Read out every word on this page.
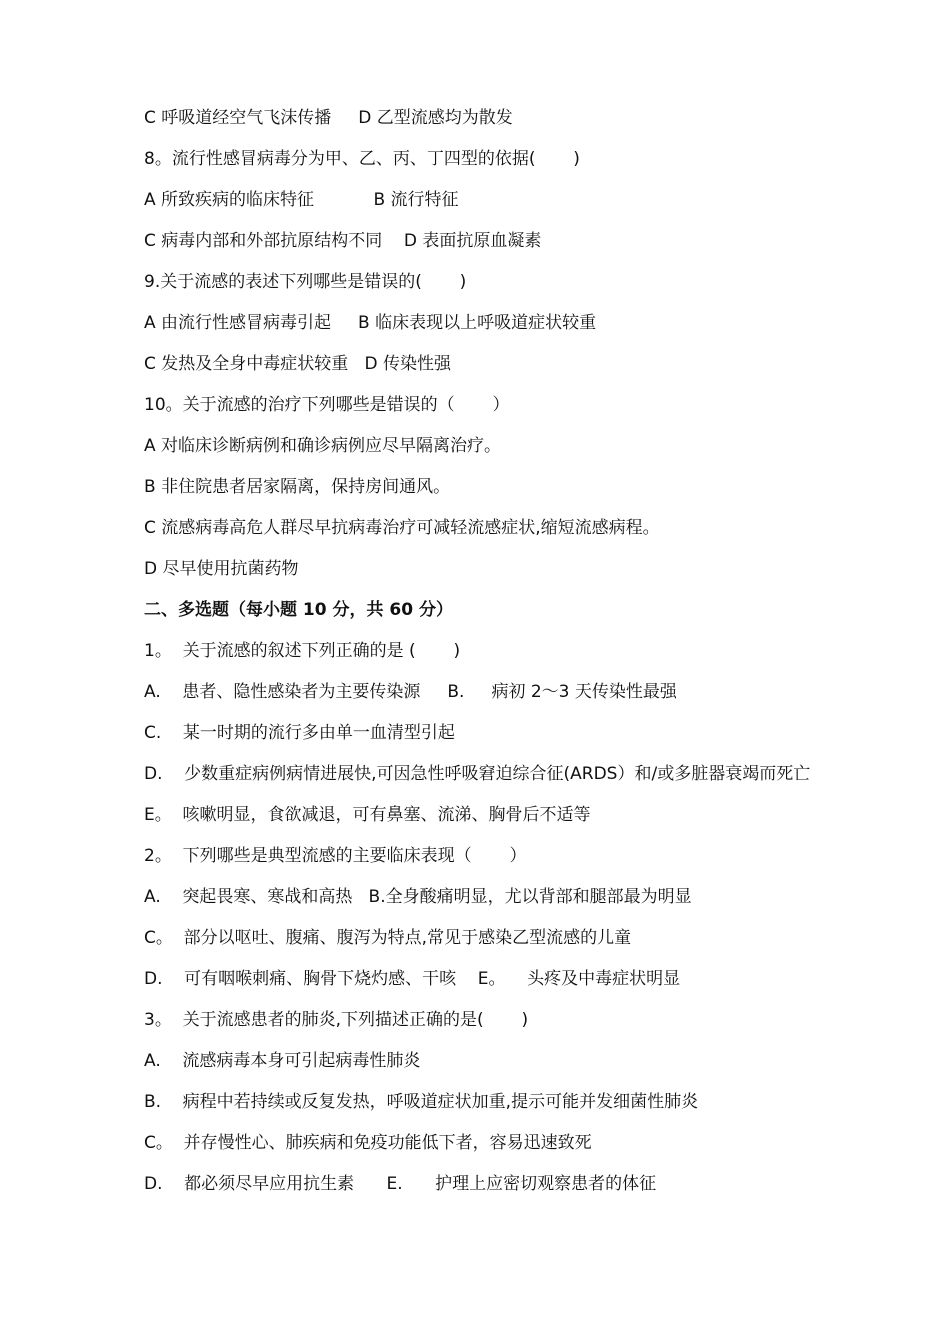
C 呼吸道经空气飞沫传播     D 乙型流感均为散发

8。流行性感冒病毒分为甲、乙、丙、丁四型的依据(       )

A 所致疾病的临床特征           B 流行特征

C 病毒内部和外部抗原结构不同    D 表面抗原血凝素

9.关于流感的表述下列哪些是错误的(       )

A 由流行性感冒病毒引起     B 临床表现以上呼吸道症状较重

C 发热及全身中毒症状较重   D 传染性强

10。关于流感的治疗下列哪些是错误的（       ）

A 对临床诊断病例和确诊病例应尽早隔离治疗。

B 非住院患者居家隔离，保持房间通风。

C 流感病毒高危人群尽早抗病毒治疗可减轻流感症状,缩短流感病程。

D 尽早使用抗菌药物

二、多选题（每小题 10 分，共 60 分）

1。  关于流感的叙述下列正确的是 (       )

A.    患者、隐性感染者为主要传染源     B.     病初 2～3 天传染性最强

C.    某一时期的流行多由单一血清型引起

D.    少数重症病例病情进展快,可因急性呼吸窘迫综合征(ARDS）和/或多脏器衰竭而死亡

E。  咳嗽明显，食欲减退，可有鼻塞、流涕、胸骨后不适等

2。  下列哪些是典型流感的主要临床表现（       ）

A.    突起畏寒、寒战和高热   B.全身酸痛明显，尤以背部和腿部最为明显

C。  部分以呕吐、腹痛、腹泻为特点,常见于感染乙型流感的儿童

D.    可有咽喉刺痛、胸骨下烧灼感、干咳    E。    头疼及中毒症状明显

3。  关于流感患者的肺炎,下列描述正确的是(       )

A.    流感病毒本身可引起病毒性肺炎

B.    病程中若持续或反复发热，呼吸道症状加重,提示可能并发细菌性肺炎

C。  并存慢性心、肺疾病和免疫功能低下者，容易迅速致死

D.    都必须尽早应用抗生素      E.      护理上应密切观察患者的体征
